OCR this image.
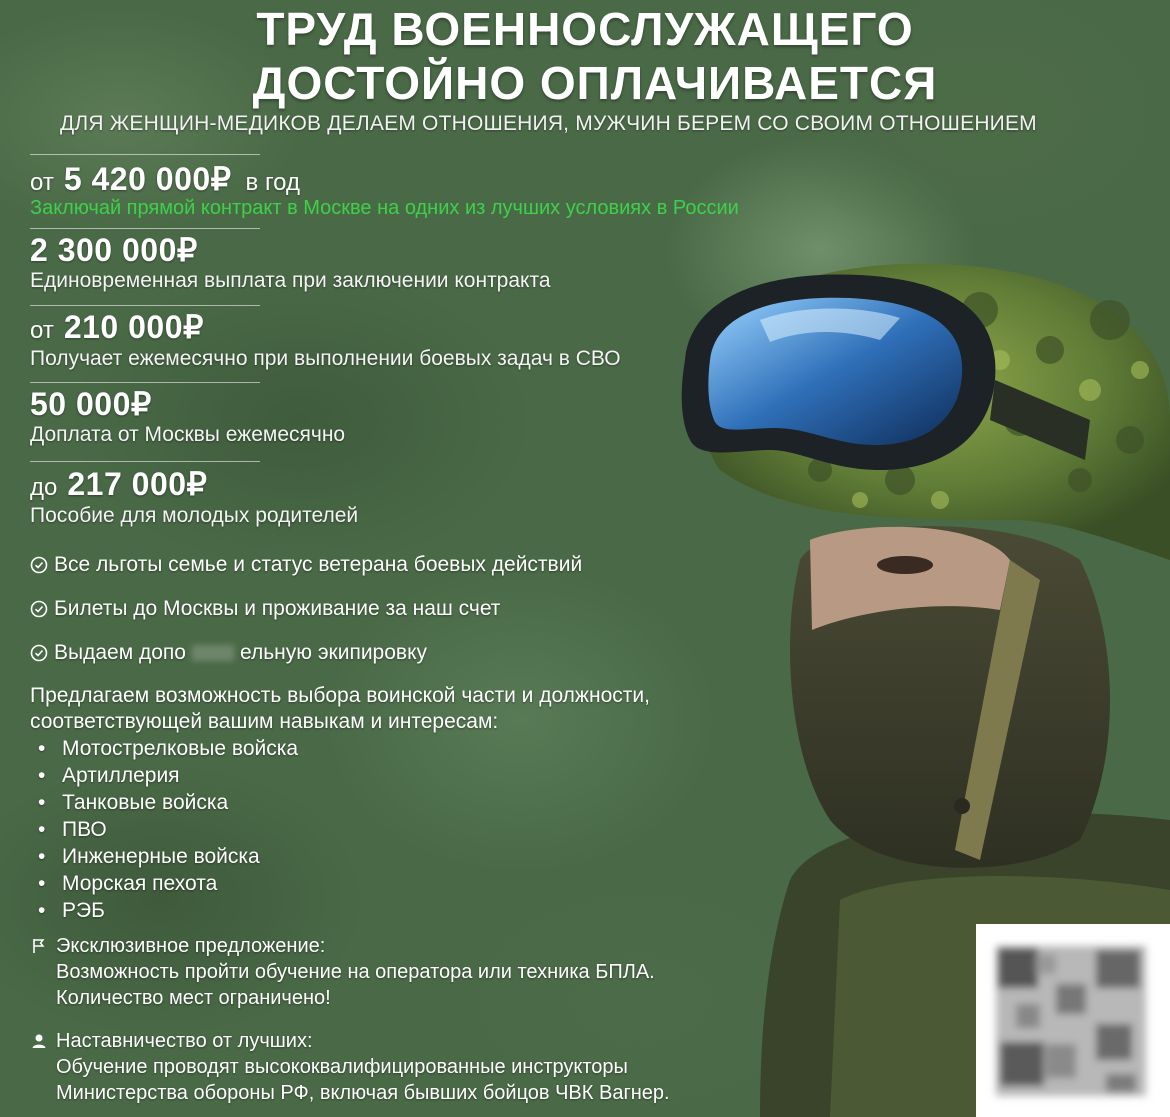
ТРУД ВОЕННОСЛУЖАЩЕГО
ДОСТОЙНО ОПЛАЧИВАЕТСЯ
ДЛЯ ЖЕНЩИН-МЕДИКОВ ДЕЛАЕМ ОТНОШЕНИЯ, МУЖЧИН БЕРЕМ СО СВОИМ ОТНОШЕНИЕМ
от 5 420 000₽ в год
Заключай прямой контракт в Москве на одних из лучших условиях в России
2 300 000₽
Единовременная выплата при заключении контракта
от 210 000₽
Получает ежемесячно при выполнении боевых задач в СВО
50 000₽
Доплата от Москвы ежемесячно
до 217 000₽
Пособие для молодых родителей
Все льготы семье и статус ветерана боевых действий
Билеты до Москвы и проживание за наш счет
Выдаем допо	ельную экипировку
Предлагаем возможность выбора воинской части и должности,
соответствующей вашим навыкам и интересам:
• Мотострелковые войска
• Артиллерия
• Танковые войска
• ПВО
• Инженерные войска
• Морская пехота
• РЭБ
Эксклюзивное предложение:
Возможность пройти обучение на оператора или техника БПЛА.
Количество мест ограничено!
Наставничество от лучших:
Обучение проводят высококвалифицированные инструкторы
Министерства обороны РФ, включая бывших бойцов ЧВК Вагнер.
